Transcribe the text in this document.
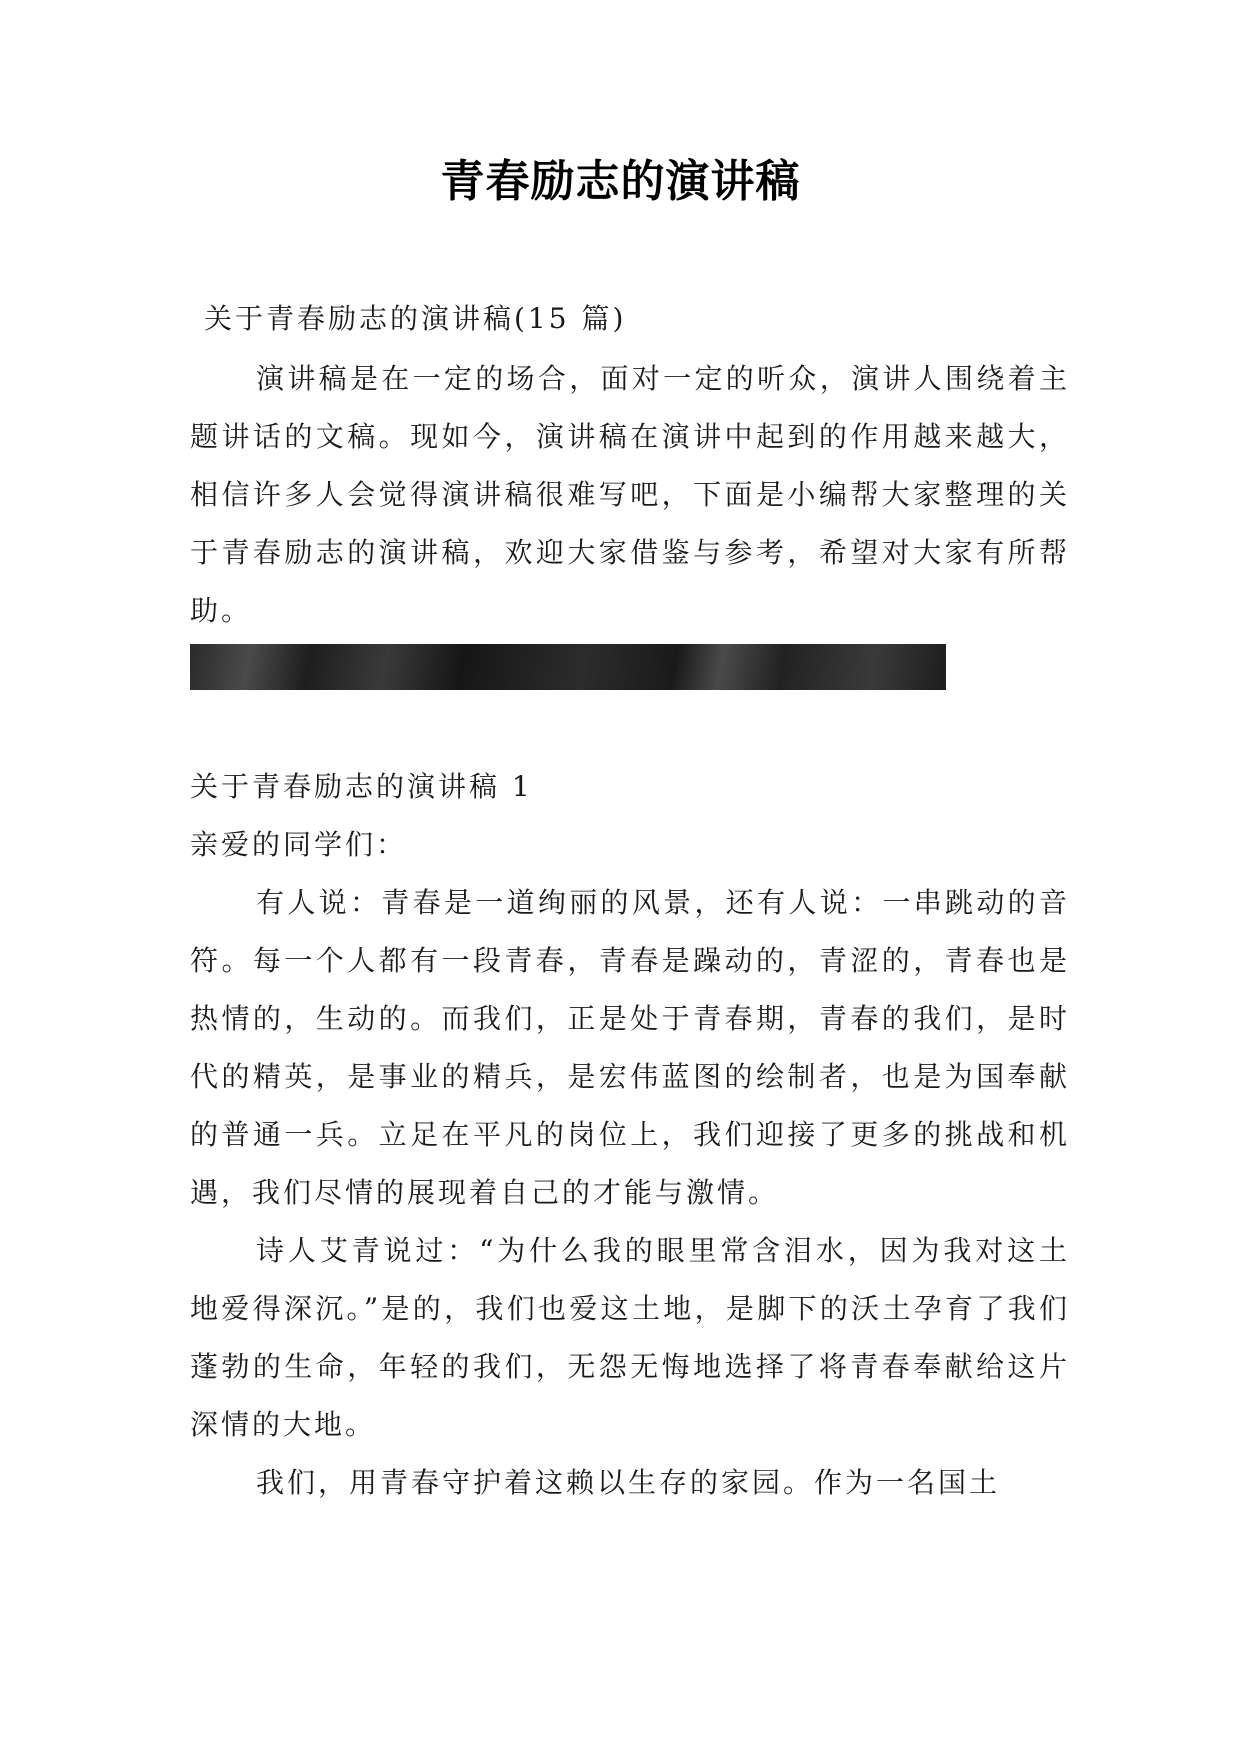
青春励志的演讲稿
关于青春励志的演讲稿(15 篇)

演讲稿是在一定的场合，面对一定的听众，演讲人围绕着主题讲话的文稿。现如今，演讲稿在演讲中起到的作用越来越大，相信许多人会觉得演讲稿很难写吧，下面是小编帮大家整理的关于青春励志的演讲稿，欢迎大家借鉴与参考，希望对大家有所帮助。

关于青春励志的演讲稿 1
亲爱的同学们：

有人说：青春是一道绚丽的风景，还有人说：一串跳动的音符。每一个人都有一段青春，青春是躁动的，青涩的，青春也是热情的，生动的。而我们，正是处于青春期，青春的我们，是时代的精英，是事业的精兵，是宏伟蓝图的绘制者，也是为国奉献的普通一兵。立足在平凡的岗位上，我们迎接了更多的挑战和机遇，我们尽情的展现着自己的才能与激情。

诗人艾青说过：“为什么我的眼里常含泪水，因为我对这土地爱得深沉。”是的，我们也爱这土地，是脚下的沃土孕育了我们蓬勃的生命，年轻的我们，无怨无悔地选择了将青春奉献给这片深情的大地。

我们，用青春守护着这赖以生存的家园。作为一名国土
